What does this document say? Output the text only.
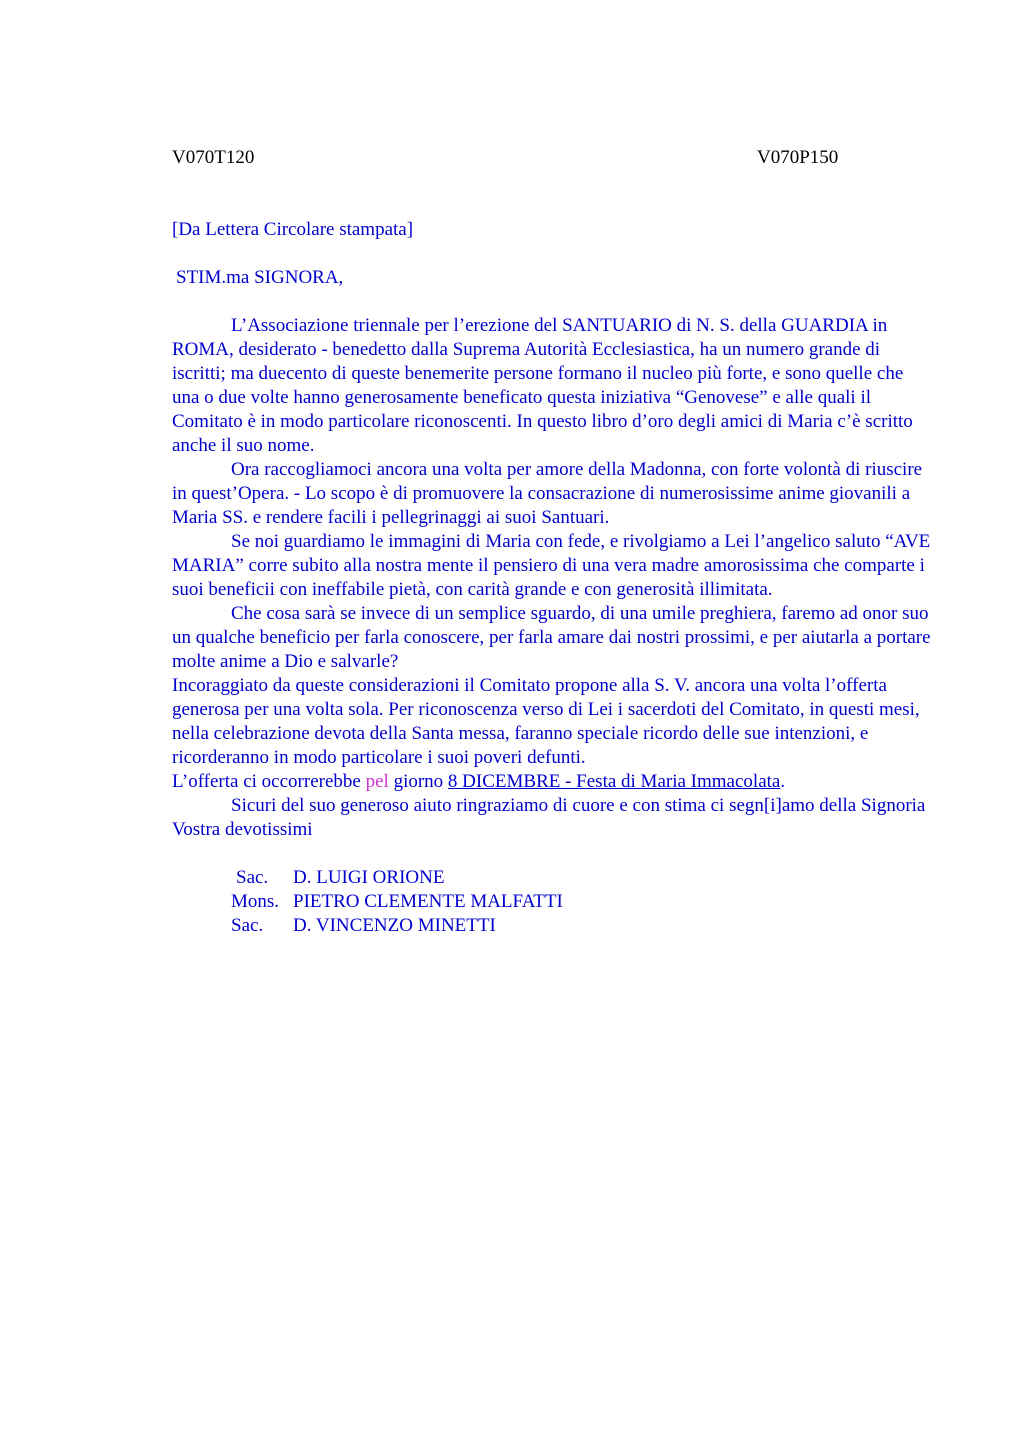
V070T120	V070P150
[Da Lettera Circolare stampata]
STIM.ma SIGNORA,

L’Associazione triennale per l’erezione del SANTUARIO di N. S. della GUARDIA in ROMA, desiderato - benedetto dalla Suprema Autorità Ecclesiastica, ha un numero grande di iscritti; ma duecento di queste benemerite persone formano il nucleo più forte, e sono quelle che una o due volte hanno generosamente beneficato questa iniziativa “Genovese” e alle quali il Comitato è in modo particolare riconoscenti. In questo libro d’oro degli amici di Maria c’è scritto anche il suo nome.

Ora raccogliamoci ancora una volta per amore della Madonna, con forte volontà di riuscire in quest’Opera. - Lo scopo è di promuovere la consacrazione di numerosissime anime giovanili a Maria SS. e rendere facili i pellegrinaggi ai suoi Santuari.

Se noi guardiamo le immagini di Maria con fede, e rivolgiamo a Lei l’angelico saluto “AVE MARIA” corre subito alla nostra mente il pensiero di una vera madre amorosissima che comparte i suoi beneficii con ineffabile pietà, con carità grande e con generosità illimitata.

Che cosa sarà se invece di un semplice sguardo, di una umile preghiera, faremo ad onor suo un qualche beneficio per farla conoscere, per farla amare dai nostri prossimi, e per aiutarla a portare molte anime a Dio e salvarle?

Incoraggiato da queste considerazioni il Comitato propone alla S. V. ancora una volta l’offerta generosa per una volta sola. Per riconoscenza verso di Lei i sacerdoti del Comitato, in questi mesi, nella celebrazione devota della Santa messa, faranno speciale ricordo delle sue intenzioni, e ricorderanno in modo particolare i suoi poveri defunti.

L’offerta ci occorrerebbe pel giorno 8 DICEMBRE - Festa di Maria Immacolata.

Sicuri del suo generoso aiuto ringraziamo di cuore e con stima ci segn[i]amo della Signoria Vostra devotissimi

Sac.	D. LUIGI ORIONE
Mons. PIETRO CLEMENTE MALFATTI
Sac.	D. VINCENZO MINETTI
